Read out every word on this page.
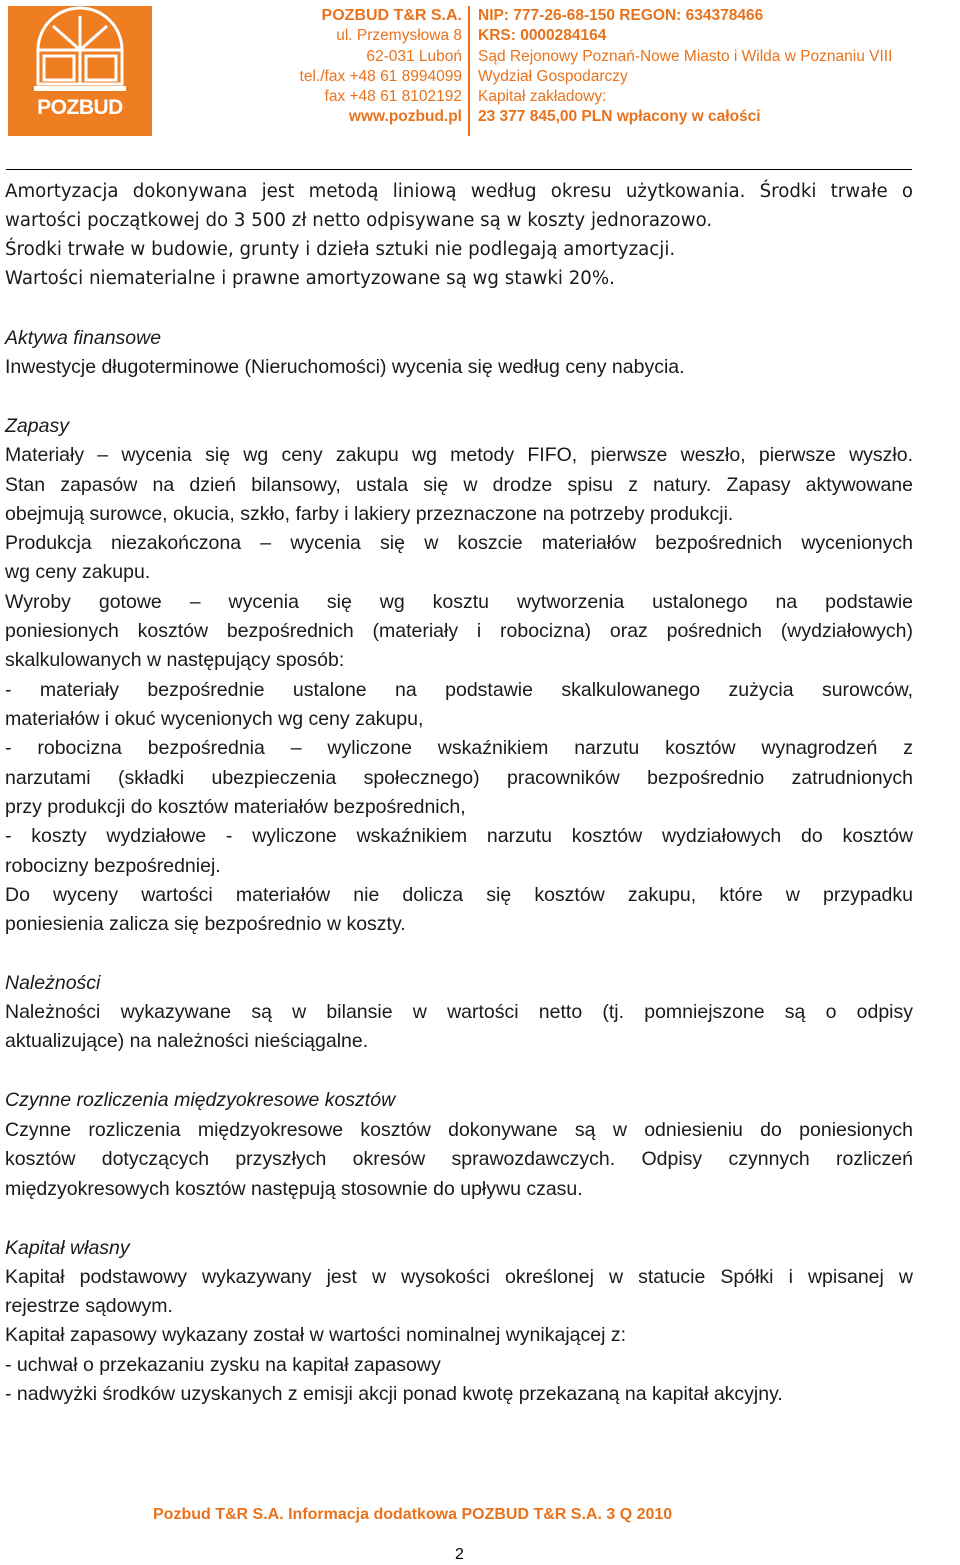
POZBUD
POZBUD T&R S.A.
ul. Przemysłowa 8
62-031 Luboń
tel./fax +48 61 8994099
fax +48 61 8102192
www.pozbud.pl
NIP: 777-26-68-150 REGON: 634378466
KRS: 0000284164
Sąd Rejonowy Poznań-Nowe Miasto i Wilda w Poznaniu VIII
Wydział Gospodarczy
Kapitał zakładowy:
23 377 845,00 PLN wpłacony w całości
Amortyzacja dokonywana jest metodą liniową według okresu użytkowania. Środki trwałe o
wartości początkowej do 3 500 zł netto odpisywane są w koszty jednorazowo.
Środki trwałe w budowie, grunty i dzieła sztuki nie podlegają amortyzacji.
Wartości niematerialne i prawne amortyzowane są wg stawki 20%.
Aktywa finansowe
Inwestycje długoterminowe (Nieruchomości) wycenia się według ceny nabycia.
Zapasy
Materiały – wycenia się wg ceny zakupu wg metody FIFO, pierwsze weszło, pierwsze wyszło.
Stan zapasów na dzień bilansowy, ustala się w drodze spisu z natury. Zapasy aktywowane
obejmują surowce, okucia, szkło, farby i lakiery przeznaczone na potrzeby produkcji.
Produkcja niezakończona – wycenia się w koszcie materiałów bezpośrednich wycenionych
wg ceny zakupu.
Wyroby gotowe – wycenia się wg kosztu wytworzenia ustalonego na podstawie
poniesionych kosztów bezpośrednich (materiały i robocizna) oraz pośrednich (wydziałowych)
skalkulowanych w następujący sposób:
- materiały bezpośrednie ustalone na podstawie skalkulowanego zużycia surowców,
materiałów i okuć wycenionych wg ceny zakupu,
- robocizna bezpośrednia – wyliczone wskaźnikiem narzutu kosztów wynagrodzeń z
narzutami (składki ubezpieczenia społecznego) pracowników bezpośrednio zatrudnionych
przy produkcji do kosztów materiałów bezpośrednich,
- koszty wydziałowe - wyliczone wskaźnikiem narzutu kosztów wydziałowych do kosztów
robocizny bezpośredniej.
Do wyceny wartości materiałów nie dolicza się kosztów zakupu, które w przypadku
poniesienia zalicza się bezpośrednio w koszty.
Należności
Należności wykazywane są w bilansie w wartości netto (tj. pomniejszone są o odpisy
aktualizujące) na należności nieściągalne.
Czynne rozliczenia międzyokresowe kosztów
Czynne rozliczenia międzyokresowe kosztów dokonywane są w odniesieniu do poniesionych
kosztów dotyczących przyszłych okresów sprawozdawczych. Odpisy czynnych rozliczeń
międzyokresowych kosztów następują stosownie do upływu czasu.
Kapitał własny
Kapitał podstawowy wykazywany jest w wysokości określonej w statucie Spółki i wpisanej w
rejestrze sądowym.
Kapitał zapasowy wykazany został w wartości nominalnej wynikającej z:
- uchwał o przekazaniu zysku na kapitał zapasowy
- nadwyżki środków uzyskanych z emisji akcji ponad kwotę przekazaną na kapitał akcyjny.
Pozbud T&R S.A. Informacja dodatkowa POZBUD T&R S.A. 3 Q 2010
2
